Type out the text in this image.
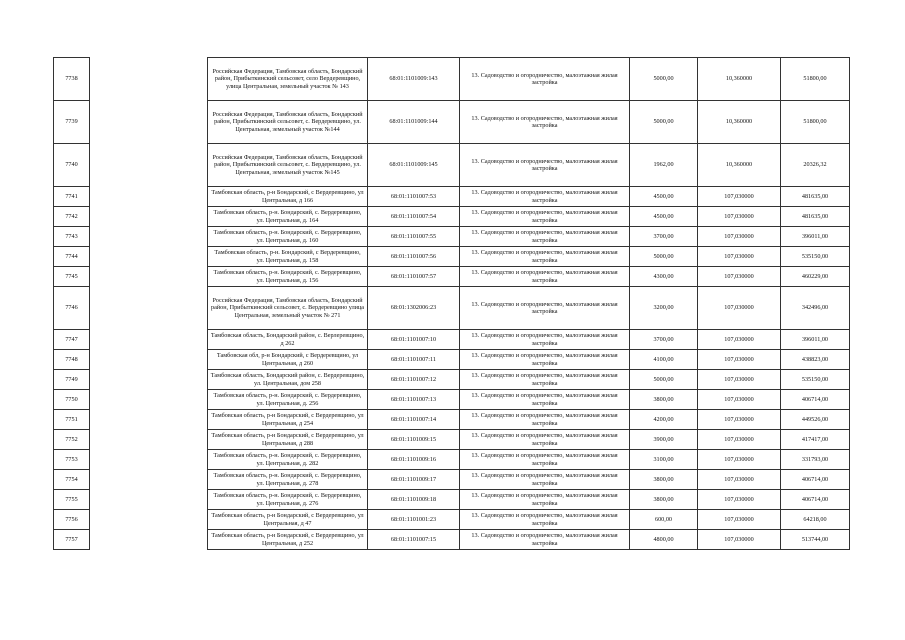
7738		Российская Федерация, Тамбовская область, Бондарский район, Прибыткинский сельсовет, село Вердеревщино, улица Центральная, земельный участок № 143	68:01:1101009:143	13. Садоводство и огородничество, малоэтажная жилая застройка	5000,00	10,360000	51800,00
7739		Российская Федерация, Тамбовская область, Бондарский район, Прибыткинский сельсовет, с. Вердеревщино, ул. Центральная, земельный участок №144	68:01:1101009:144	13. Садоводство и огородничество, малоэтажная жилая застройка	5000,00	10,360000	51800,00
7740		Российская Федерация, Тамбовская область, Бондарский район, Прибыткинский сельсовет, с. Вердеревщино, ул. Центральная, земельный участок №145	68:01:1101009:145	13. Садоводство и огородничество, малоэтажная жилая застройка	1962,00	10,360000	20326,32
7741		Тамбовская область, р-н Бондарский, с Вердеревщино, ул Центральная, д 166	68:01:1101007:53	13. Садоводство и огородничество, малоэтажная жилая застройка	4500,00	107,030000	481635,00
7742		Тамбовская область, р-н. Бондарский, с. Вердеревщино, ул. Центральная, д. 164	68:01:1101007:54	13. Садоводство и огородничество, малоэтажная жилая застройка	4500,00	107,030000	481635,00
7743		Тамбовская область, р-н. Бондарский, с. Вердеревщино, ул. Центральная, д. 160	68:01:1101007:55	13. Садоводство и огородничество, малоэтажная жилая застройка	3700,00	107,030000	396011,00
7744		Тамбовская область, р-н. Бондарский, с Вердеревщино, ул. Центральная, д. 158	68:01:1101007:56	13. Садоводство и огородничество, малоэтажная жилая застройка	5000,00	107,030000	535150,00
7745		Тамбовская область, р-н. Бондарский, с. Вердеревщино, ул. Центральная, д. 156	68:01:1101007:57	13. Садоводство и огородничество, малоэтажная жилая застройка	4300,00	107,030000	460229,00
7746		Российская Федерация, Тамбовская область, Бондарский район, Прибыткинский сельсовет, с. Вердеревщино улица Центральная, земельный участок № 271	68:01:1302006:23	13. Садоводство и огородничество, малоэтажная жилая застройка	3200,00	107,030000	342496,00
7747		Тамбовская область, Бондарский район, с. Верлеревщино, д 262	68:01:1101007:10	13. Садоводство и огородничество, малоэтажная жилая застройка	3700,00	107,030000	396011,00
7748		Тамбовская обл, р-н Бондарский, с Вердеревщино, ул Центральная, д 260	68:01:1101007:11	13. Садоводство и огородничество, малоэтажная жилая застройка	4100,00	107,030000	438823,00
7749		Тамбовская область, Бондарский район, с. Вердеревщино, ул. Центральная, дом 258	68:01:1101007:12	13. Садоводство и огородничество, малоэтажная жилая застройка	5000,00	107,030000	535150,00
7750		Тамбовская область, р-н. Бондарский, с. Вердеревщино, ул. Центральная, д. 256	68:01:1101007:13	13. Садоводство и огородничество, малоэтажная жилая застройка	3800,00	107,030000	406714,00
7751		Тамбовская область, р-н Бондарский, с Вердеревщино, ул Центральная, д 254	68:01:1101007:14	13. Садоводство и огородничество, малоэтажная жилая застройка	4200,00	107,030000	449526,00
7752		Тамбовская область, р-н Бондарский, с Вердеревщино, ул Центральная, д 288	68:01:1101009:15	13. Садоводство и огородничество, малоэтажная жилая застройка	3900,00	107,030000	417417,00
7753		Тамбовская область, р-н. Бондарский, с. Вердеревщино, ул. Центральная, д. 282	68:01:1101009:16	13. Садоводство и огородничество, малоэтажная жилая застройка	3100,00	107,030000	331793,00
7754		Тамбовская область, р-н. Бондарский, с. Вердеревщино, ул. Центральная, д. 278	68:01:1101009:17	13. Садоводство и огородничество, малоэтажная жилая застройка	3800,00	107,030000	406714,00
7755		Тамбовская область, р-н. Бондарский, с. Вердеревщино, ул. Центральная, д. 276	68:01:1101009:18	13. Садоводство и огородничество, малоэтажная жилая застройка	3800,00	107,030000	406714,00
7756		Тамбовская область, р-н Бондарский, с Вердеревщино, ул Центральная, д 47	68:01:1101001:23	13. Садоводство и огородничество, малоэтажная жилая застройка	600,00	107,030000	64218,00
7757		Тамбовская область, р-н Бондарский, с Вердеревщино, ул Центральная, д 252	68:01:1101007:15	13. Садоводство и огородничество, малоэтажная жилая застройка	4800,00	107,030000	513744,00
